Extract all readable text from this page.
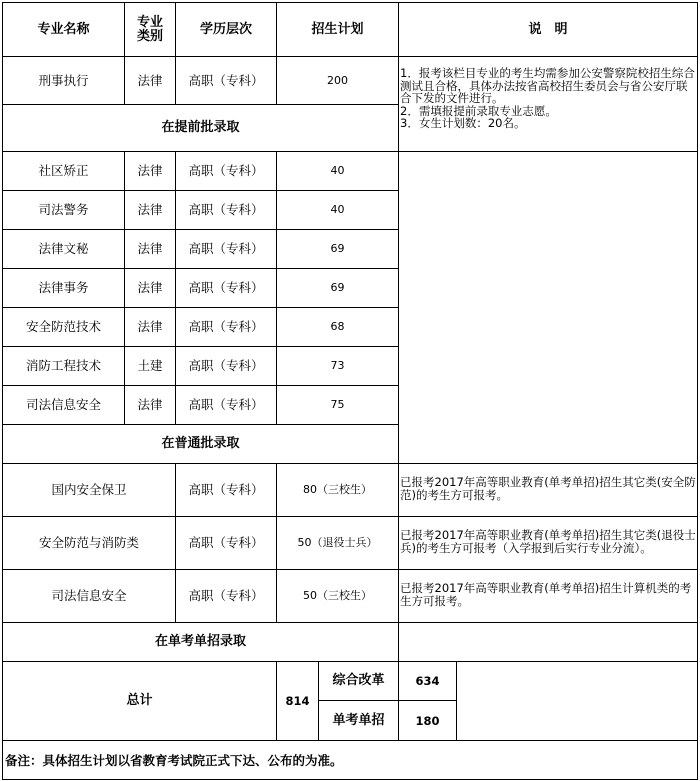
专业名称	专业类别	学历层次	招生计划	说　明
刑事执行	法律	高职（专科）	200	1．报考该栏目专业的考生均需参加公安警察院校招生综合测试且合格，具体办法按省高校招生委员会与省公安厅联合下发的文件进行。
2．需填报提前录取专业志愿。
3．女生计划数：20名。
在提前批录取
社区矫正	法律	高职（专科）	40
司法警务	法律	高职（专科）	40
法律文秘	法律	高职（专科）	69
法律事务	法律	高职（专科）	69
安全防范技术	法律	高职（专科）	68
消防工程技术	土建	高职（专科）	73
司法信息安全	法律	高职（专科）	75
在普通批录取
国内安全保卫	高职（专科）	80（三校生）
已报考2017年高等职业教育(单考单招)招生其它类(安全防范)的考生方可报考。
安全防范与消防类	高职（专科）	50（退役士兵）
已报考2017年高等职业教育(单考单招)招生其它类(退役士兵)的考生方可报考（入学报到后实行专业分流）。
司法信息安全	高职（专科）	50（三校生）
已报考2017年高等职业教育(单考单招)招生计算机类的考生方可报考。
在单考单招录取
总计	814
综合改革	634
单考单招	180
备注：具体招生计划以省教育考试院正式下达、公布的为准。
